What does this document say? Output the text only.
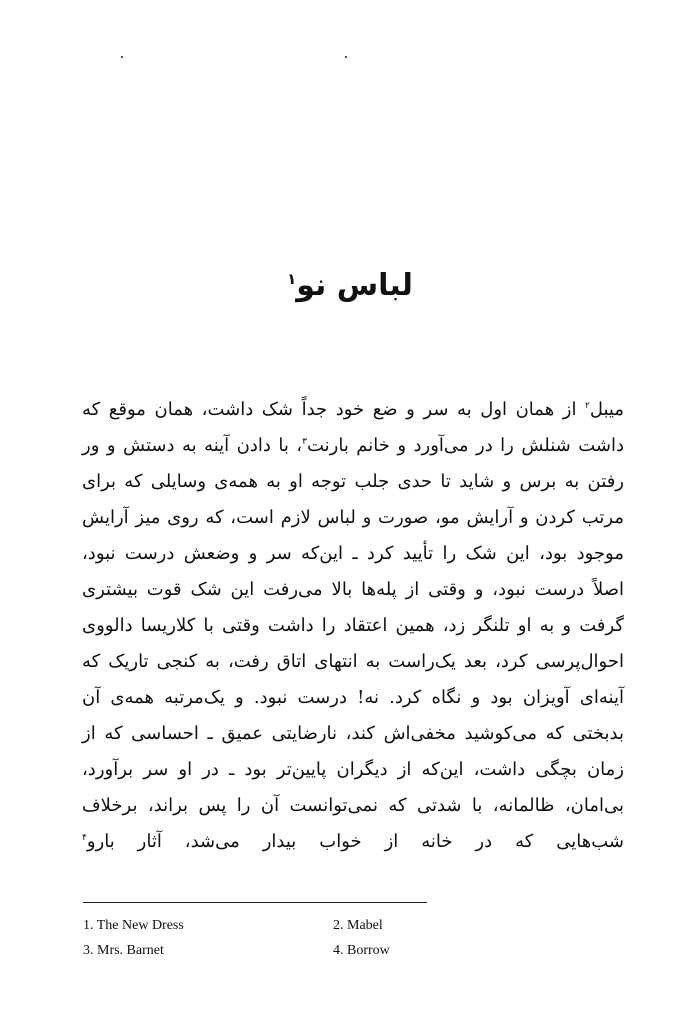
لباس نو$^۱$
میبل$^۲$ از همان اول به سر و ضع خود جداً شک داشت، همان موقع که
داشت شنلش را در می‌آورد و خانم بارنت$^۳$، با دادن آینه به دستش و ور
رفتن به برس و شاید تا حدی جلب توجه او به همه‌ی وسایلی که برای
مرتب کردن و آرایش مو، صورت و لباس لازم است، که روی میز آرایش
موجود بود، این شک را تأیید کرد ـ این‌که سر و وضعش درست نبود،
اصلاً درست نبود، و وقتی از پله‌ها بالا می‌رفت این شک قوت بیشتری
گرفت و به او تلنگر زد، همین اعتقاد را داشت وقتی با کلاریسا دالووی
احوال‌پرسی کرد، بعد یک‌راست به انتهای اتاق رفت، به کنجی تاریک که
آینه‌ای آویزان بود و نگاه کرد. نه! درست نبود. و یک‌مرتبه همه‌ی آن
بدبختی که می‌کوشید مخفی‌اش کند، نارضایتی عمیق ـ احساسی که از
زمان بچگی داشت، این‌که از دیگران پایین‌تر بود ـ در او سر برآورد،
بی‌امان، ظالمانه، با شدتی که نمی‌توانست آن را پس براند، برخلاف
شب‌هایی که در خانه از خواب بیدار می‌شد، آثار بارو$^۴$
1. The New Dress	2. Mabel
3. Mrs. Barnet	4. Borrow
